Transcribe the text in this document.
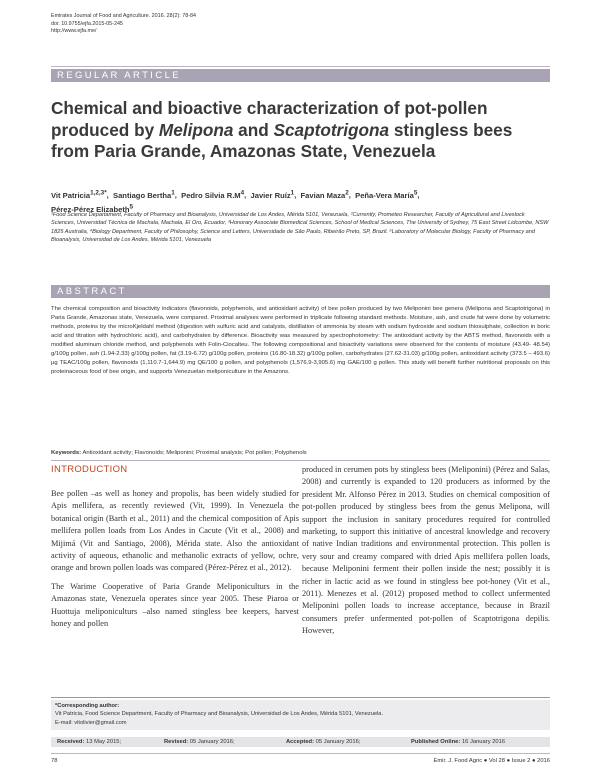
Emirates Journal of Food and Agriculture. 2016. 28(2): 78-84
doi: 10.9755/ejfa.2015-05-245
http://www.ejfa.me/
REGULAR ARTICLE
Chemical and bioactive characterization of pot-pollen produced by Melipona and Scaptotrigona stingless bees from Paria Grande, Amazonas State, Venezuela
Vit Patricia$^{1,2,3*}$,  Santiago Bertha$^1$,  Pedro Silvia $R.M^4$,  Javier Ruíz$^1$,  Favian Maza$^2$,  Peña-Vera María$^5$,
Pérez-Pérez Elizabeth$^5$
¹Food Science Departament, Faculty of Pharmacy and Bioanalysis, Universidad de Los Andes, Mérida 5101, Venezuela, ²Currently, Prometeo Researcher, Faculty of Agricultural and Livestock Sciences, Universidad Técnica de Machala, Machala, El Oro, Ecuador, ³Honorary Associate Biomedical Sciences, School of Medical Sciences, The University of Sydney, 75 East Street Lidcombe, NSW 1825 Australia, ⁴Biology Department, Faculty of Philosophy, Science and Letters, Universidade de São Paulo, Ribeirão Preto, SP, Brazil. ⁵Laboratory of Molecular Biology, Faculty of Pharmacy and Bioanalysis, Universidad de Los Andes, Mérida 5101, Venezuela
ABSTRACT
The chemical composition and bioactivity indicators (flavonoids, polyphenols, and antioxidant activity) of bee pollen produced by two Meliponini bee genera (Melipona and Scaptotrigona) in Paria Grande, Amazonas state, Venezuela, were compared. Proximal analyses were performed in triplicate following standard methods. Moisture, ash, and crude fat were done by volumetric methods, proteins by the microKjeldahl method (digestion with sulfuric acid and catalysts, distillation of ammonia by steam with sodium hydroxide and sodium thiosulphate, collection in boric acid and titration with hydrochloric acid), and carbohydrates by difference. Bioactivity was measured by spectrophotometry: The antioxidant activity by the ABTS method, flavonoids with a modified aluminum chloride method, and polyphenols with Folin-Ciocalteu. The following compositional and bioactivity variations were observed for the contents of moisture (43.49- 48.54) g/100g pollen, ash (1.94-2.33) g/100g pollen, fat (3.19-6.72) g/100g pollen, proteins (16.80-18.32) g/100g pollen, carbohydrates (27.62-31.03) g/100g pollen, antioxidant activity (373.5 – 493.6) µg TEAC/100g pollen, flavonoids (1,110.7-1,644.9) mg QE/100 g pollen, and polyphenols (1,576.9-3,905.6) mg GAE/100 g pollen. This study will benefit further nutritional proposals on this proteinaceous food of bee origin, and supports Venezuelan meliponiculture in the Amazons.
Keywords: Antioxidant activity; Flavonoids; Meliponini; Proximal analysis; Pot pollen; Polyphenols
INTRODUCTION

Bee pollen –as well as honey and propolis, has been widely studied for Apis mellifera, as recently reviewed (Vit, 1999). In Venezuela the botanical origin (Barth et al., 2011) and the chemical composition of Apis mellifera pollen loads from Los Andes in Cacute (Vit et al., 2008) and Mijimá (Vit and Santiago, 2008), Mérida state. Also the antioxidant activity of aqueous, ethanolic and methanolic extracts of yellow, ochre, orange and brown pollen loads was compared (Pérez-Pérez et al., 2012).

The Warime Cooperative of Paria Grande Meliponiculturs in the Amazonas state, Venezuela operates since year 2005. These Piaroa or Huottuja meliponiculturs –also named stingless bee keepers, harvest honey and pollen

produced in cerumen pots by stingless bees (Meliponini) (Pérez and Salas, 2008) and currently is expanded to 120 producers as informed by the president Mr. Alfonso Pérez in 2013. Studies on chemical composition of pot-pollen produced by stingless bees from the genus Melipona, will support the inclusion in sanitary procedures required for controlled marketing, to support this initiative of ancestral knowledge and recovery of native Indian traditions and environmental protection. This pollen is very sour and creamy compared with dried Apis mellifera pollen loads, because Meliponini ferment their pollen inside the nest; possibly it is richer in lactic acid as we found in stingless bee pot-honey (Vit et al., 2011). Menezes et al. (2012) proposed method to collect unfermented Meliponini pollen loads to increase acceptance, because in Brazil consumers prefer unfermented pot-pollen of Scaptotrigona depilis. However,

*Corresponding author:
Vit Patricia, Food Science Department, Faculty of Pharmacy and Bioanalysis, Universidad de Los Andes, Mérida 5101, Venezuela.
E-mail: vitolivier@gmail.com
Received: 13 May 2015;	Revised: 05 January 2016;	Accepted: 05 January 2016;	Published Online: 16 January 2016
78	Emir. J. Food Agric ● Vol 28 ● Issue 2 ● 2016
